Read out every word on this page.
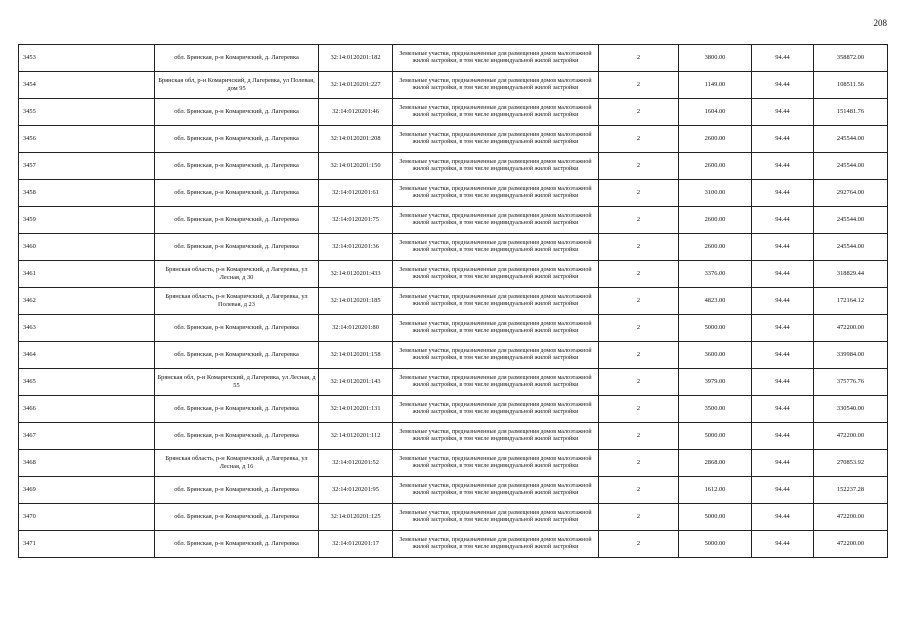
208
3453	обл. Брянская, р-н Комаричский, д. Лагеревка	32:14:0120201:182	Земельные участки, предназначенные для размещения домов малоэтажной жилой застройки, в том числе индивидуальной жилой застройки	2	3800.00	94.44	358872.00
3454	Брянская обл, р-н Комаричский, д Лагеревка, ул Полевая, дом 95	32:14:0120201:227	Земельные участки, предназначенные для размещения домов малоэтажной жилой застройки, в том числе индивидуальной жилой застройки	2	1149.00	94.44	108511.56
3455	обл. Брянская, р-н Комаричский, д. Лагеревка	32:14:0120201:46	Земельные участки, предназначенные для размещения домов малоэтажной жилой застройки, в том числе индивидуальной жилой застройки	2	1604.00	94.44	151481.76
3456	обл. Брянская, р-н Комаричский, д. Лагеревка	32:14:0120201:208	Земельные участки, предназначенные для размещения домов малоэтажной жилой застройки, в том числе индивидуальной жилой застройки	2	2600.00	94.44	245544.00
3457	обл. Брянская, р-н Комаричский, д. Лагеревка	32:14:0120201:150	Земельные участки, предназначенные для размещения домов малоэтажной жилой застройки, в том числе индивидуальной жилой застройки	2	2600.00	94.44	245544.00
3458	обл. Брянская, р-н Комаричский, д. Лагеревка	32:14:0120201:61	Земельные участки, предназначенные для размещения домов малоэтажной жилой застройки, в том числе индивидуальной жилой застройки	2	3100.00	94.44	292764.00
3459	обл. Брянская, р-н Комаричский, д. Лагеревка	32:14:0120201:75	Земельные участки, предназначенные для размещения домов малоэтажной жилой застройки, в том числе индивидуальной жилой застройки	2	2600.00	94.44	245544.00
3460	обл. Брянская, р-н Комаричский, д. Лагеревка	32:14:0120201:36	Земельные участки, предназначенные для размещения домов малоэтажной жилой застройки, в том числе индивидуальной жилой застройки	2	2600.00	94.44	245544.00
3461	Брянская область, р-н Комаричский, д Лагеревка, ул Лесная, д 30	32:14:0120201:433	Земельные участки, предназначенные для размещения домов малоэтажной жилой застройки, в том числе индивидуальной жилой застройки	2	3376.00	94.44	318829.44
3462	Брянская область, р-н Комаричский, д Лагеревка, ул Полевая, д 23	32:14:0120201:185	Земельные участки, предназначенные для размещения домов малоэтажной жилой застройки, в том числе индивидуальной жилой застройки	2	4823.00	94.44	172164.12
3463	обл. Брянская, р-н Комаричский, д. Лагеревка	32:14:0120201:80	Земельные участки, предназначенные для размещения домов малоэтажной жилой застройки, в том числе индивидуальной жилой застройки	2	5000.00	94.44	472200.00
3464	обл. Брянская, р-н Комаричский, д. Лагеревка	32:14:0120201:158	Земельные участки, предназначенные для размещения домов малоэтажной жилой застройки, в том числе индивидуальной жилой застройки	2	3600.00	94.44	339984.00
3465	Брянская обл, р-н Комаричский, д Лагеревка, ул Лесная, д 55	32:14:0120201:143	Земельные участки, предназначенные для размещения домов малоэтажной жилой застройки, в том числе индивидуальной жилой застройки	2	3979.00	94.44	375776.76
3466	обл. Брянская, р-н Комаричский, д. Лагеревка	32:14:0120201:131	Земельные участки, предназначенные для размещения домов малоэтажной жилой застройки, в том числе индивидуальной жилой застройки	2	3500.00	94.44	330540.00
3467	обл. Брянская, р-н Комаричский, д. Лагеревка	32:14:0120201:112	Земельные участки, предназначенные для размещения домов малоэтажной жилой застройки, в том числе индивидуальной жилой застройки	2	5000.00	94.44	472200.00
3468	Брянская область, р-н Комаричский, д Лагеревка, ул Лесная, д 16	32:14:0120201:52	Земельные участки, предназначенные для размещения домов малоэтажной жилой застройки, в том числе индивидуальной жилой застройки	2	2868.00	94.44	270853.92
3469	обл. Брянская, р-н Комаричский, д. Лагеревка	32:14:0120201:95	Земельные участки, предназначенные для размещения домов малоэтажной жилой застройки, в том числе индивидуальной жилой застройки	2	1612.00	94.44	152237.28
3470	обл. Брянская, р-н Комаричский, д. Лагеревка	32:14:0120201:125	Земельные участки, предназначенные для размещения домов малоэтажной жилой застройки, в том числе индивидуальной жилой застройки	2	5000.00	94.44	472200.00
3471	обл. Брянская, р-н Комаричский, д. Лагеревка	32:14:0120201:17	Земельные участки, предназначенные для размещения домов малоэтажной жилой застройки, в том числе индивидуальной жилой застройки	2	5000.00	94.44	472200.00
